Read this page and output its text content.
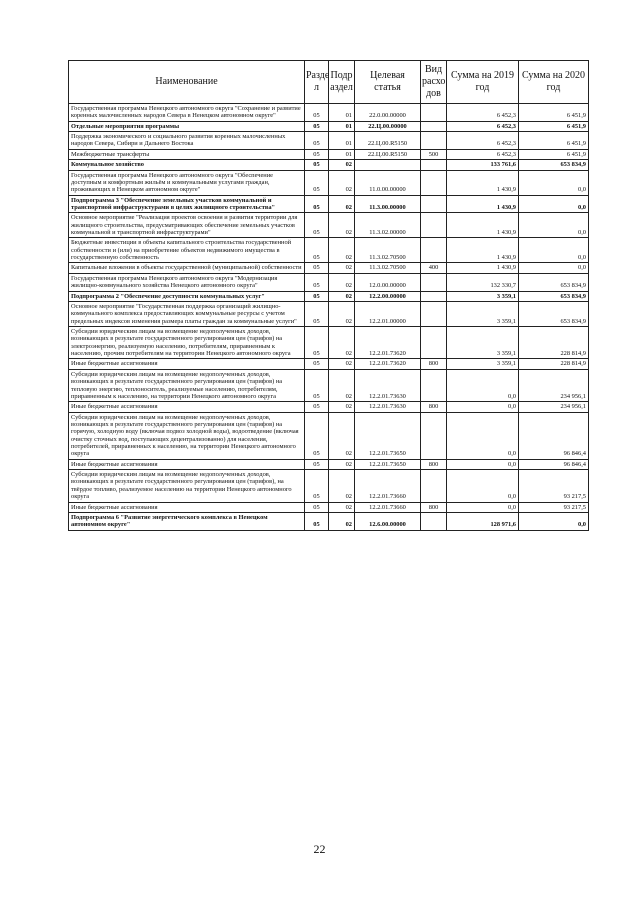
Наименование	Разде л	Подр аздел	Целевая статья	Вид расхо дов	Сумма на 2019 год	Сумма на 2020 год
Государственная программа Ненецкого автономного округа "Сохранение и развитие коренных малочисленных народов Севера в Ненецком автономном округе"	05	01	22.0.00.00000		6 452,3	6 451,9
Отдельные мероприятия программы	05	01	22.Ц.00.00000		6 452,3	6 451,9
Поддержка экономического и социального развития коренных малочисленных народов Севера, Сибири и Дальнего Востока	05	01	22.Ц.00.R5150		6 452,3	6 451,9
Межбюджетные трансферты	05	01	22.Ц.00.R5150	500	6 452,3	6 451,9
Коммунальное хозяйство	05	02			133 761,6	653 834,9
Государственная программа Ненецкого автономного округа "Обеспечение доступным и комфортным жильём и коммунальными услугами граждан, проживающих в Ненецком автономном округе"	05	02	11.0.00.00000		1 430,9	0,0
Подпрограмма 3 "Обеспечение земельных участков коммунальной и транспортной инфраструктурами в целях жилищного строительства"	05	02	11.3.00.00000		1 430,9	0,0
Основное мероприятие "Реализация проектов освоения и развития территории для жилищного строительства, предусматривающих обеспечение земельных участков коммунальной и транспортной инфраструктурами"	05	02	11.3.02.00000		1 430,9	0,0
Бюджетные инвестиции в объекты капитального строительства государственной собственности и (или) на приобретение объектов недвижимого имущества в государственную собственность	05	02	11.3.02.70500		1 430,9	0,0
Капитальные вложения в объекты государственной (муниципальной) собственности	05	02	11.3.02.70500	400	1 430,9	0,0
Государственная программа Ненецкого автономного округа "Модернизация жилищно-коммунального хозяйства Ненецкого автономного округа"	05	02	12.0.00.00000		132 330,7	653 834,9
Подпрограмма 2 "Обеспечение доступности коммунальных услуг"	05	02	12.2.00.00000		3 359,1	653 834,9
Основное мероприятие "Государственная поддержка организаций жилищно-коммунального комплекса предоставляющих коммунальные ресурсы с учетом предельных индексов изменения размера платы граждан за коммунальные услуги"	05	02	12.2.01.00000		3 359,1	653 834,9
Субсидии юридическим лицам на возмещение недополученных доходов, возникающих в результате государственного регулирования цен (тарифов) на электроэнергию, реализуемую населению, потребителям, приравненным к населению, прочим потребителям на территории Ненецкого автономного округа	05	02	12.2.01.73620		3 359,1	228 814,9
Иные бюджетные ассигнования	05	02	12.2.01.73620	800	3 359,1	228 814,9
Субсидии юридическим лицам на возмещение недополученных доходов, возникающих в результате государственного регулирования цен (тарифов) на тепловую энергию, теплоноситель, реализуемые населению, потребителям, приравненным к населению, на территории Ненецкого автономного округа	05	02	12.2.01.73630		0,0	234 956,1
Иные бюджетные ассигнования	05	02	12.2.01.73630	800	0,0	234 956,1
Субсидии юридическим лицам на возмещение недополученных доходов, возникающих в результате государственного регулирования цен (тарифов) на горячую, холодную воду (включая подвоз холодной воды), водоотведение (включая очистку сточных вод, поступающих децентрализованно) для населения, потребителей, приравненных к населению, на территории Ненецкого автономного округа	05	02	12.2.01.73650		0,0	96 846,4
Иные бюджетные ассигнования	05	02	12.2.01.73650	800	0,0	96 846,4
Субсидии юридическим лицам на возмещение недополученных доходов, возникающих в результате государственного регулирования цен (тарифов), на твёрдое топливо, реализуемое населению на территории Ненецкого автономного округа	05	02	12.2.01.73660		0,0	93 217,5
Иные бюджетные ассигнования	05	02	12.2.01.73660	800	0,0	93 217,5
Подпрограмма 6 "Развитие энергетического комплекса в Ненецком автономном округе"	05	02	12.6.00.00000		128 971,6	0,0
22
